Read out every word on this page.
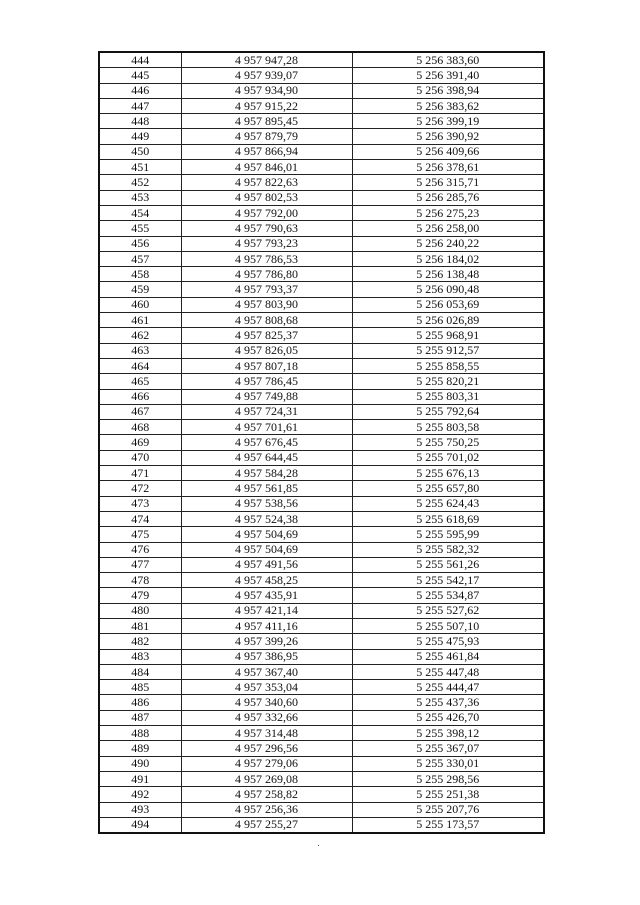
444	4 957 947,28	5 256 383,60
445	4 957 939,07	5 256 391,40
446	4 957 934,90	5 256 398,94
447	4 957 915,22	5 256 383,62
448	4 957 895,45	5 256 399,19
449	4 957 879,79	5 256 390,92
450	4 957 866,94	5 256 409,66
451	4 957 846,01	5 256 378,61
452	4 957 822,63	5 256 315,71
453	4 957 802,53	5 256 285,76
454	4 957 792,00	5 256 275,23
455	4 957 790,63	5 256 258,00
456	4 957 793,23	5 256 240,22
457	4 957 786,53	5 256 184,02
458	4 957 786,80	5 256 138,48
459	4 957 793,37	5 256 090,48
460	4 957 803,90	5 256 053,69
461	4 957 808,68	5 256 026,89
462	4 957 825,37	5 255 968,91
463	4 957 826,05	5 255 912,57
464	4 957 807,18	5 255 858,55
465	4 957 786,45	5 255 820,21
466	4 957 749,88	5 255 803,31
467	4 957 724,31	5 255 792,64
468	4 957 701,61	5 255 803,58
469	4 957 676,45	5 255 750,25
470	4 957 644,45	5 255 701,02
471	4 957 584,28	5 255 676,13
472	4 957 561,85	5 255 657,80
473	4 957 538,56	5 255 624,43
474	4 957 524,38	5 255 618,69
475	4 957 504,69	5 255 595,99
476	4 957 504,69	5 255 582,32
477	4 957 491,56	5 255 561,26
478	4 957 458,25	5 255 542,17
479	4 957 435,91	5 255 534,87
480	4 957 421,14	5 255 527,62
481	4 957 411,16	5 255 507,10
482	4 957 399,26	5 255 475,93
483	4 957 386,95	5 255 461,84
484	4 957 367,40	5 255 447,48
485	4 957 353,04	5 255 444,47
486	4 957 340,60	5 255 437,36
487	4 957 332,66	5 255 426,70
488	4 957 314,48	5 255 398,12
489	4 957 296,56	5 255 367,07
490	4 957 279,06	5 255 330,01
491	4 957 269,08	5 255 298,56
492	4 957 258,82	5 255 251,38
493	4 957 256,36	5 255 207,76
494	4 957 255,27	5 255 173,57
